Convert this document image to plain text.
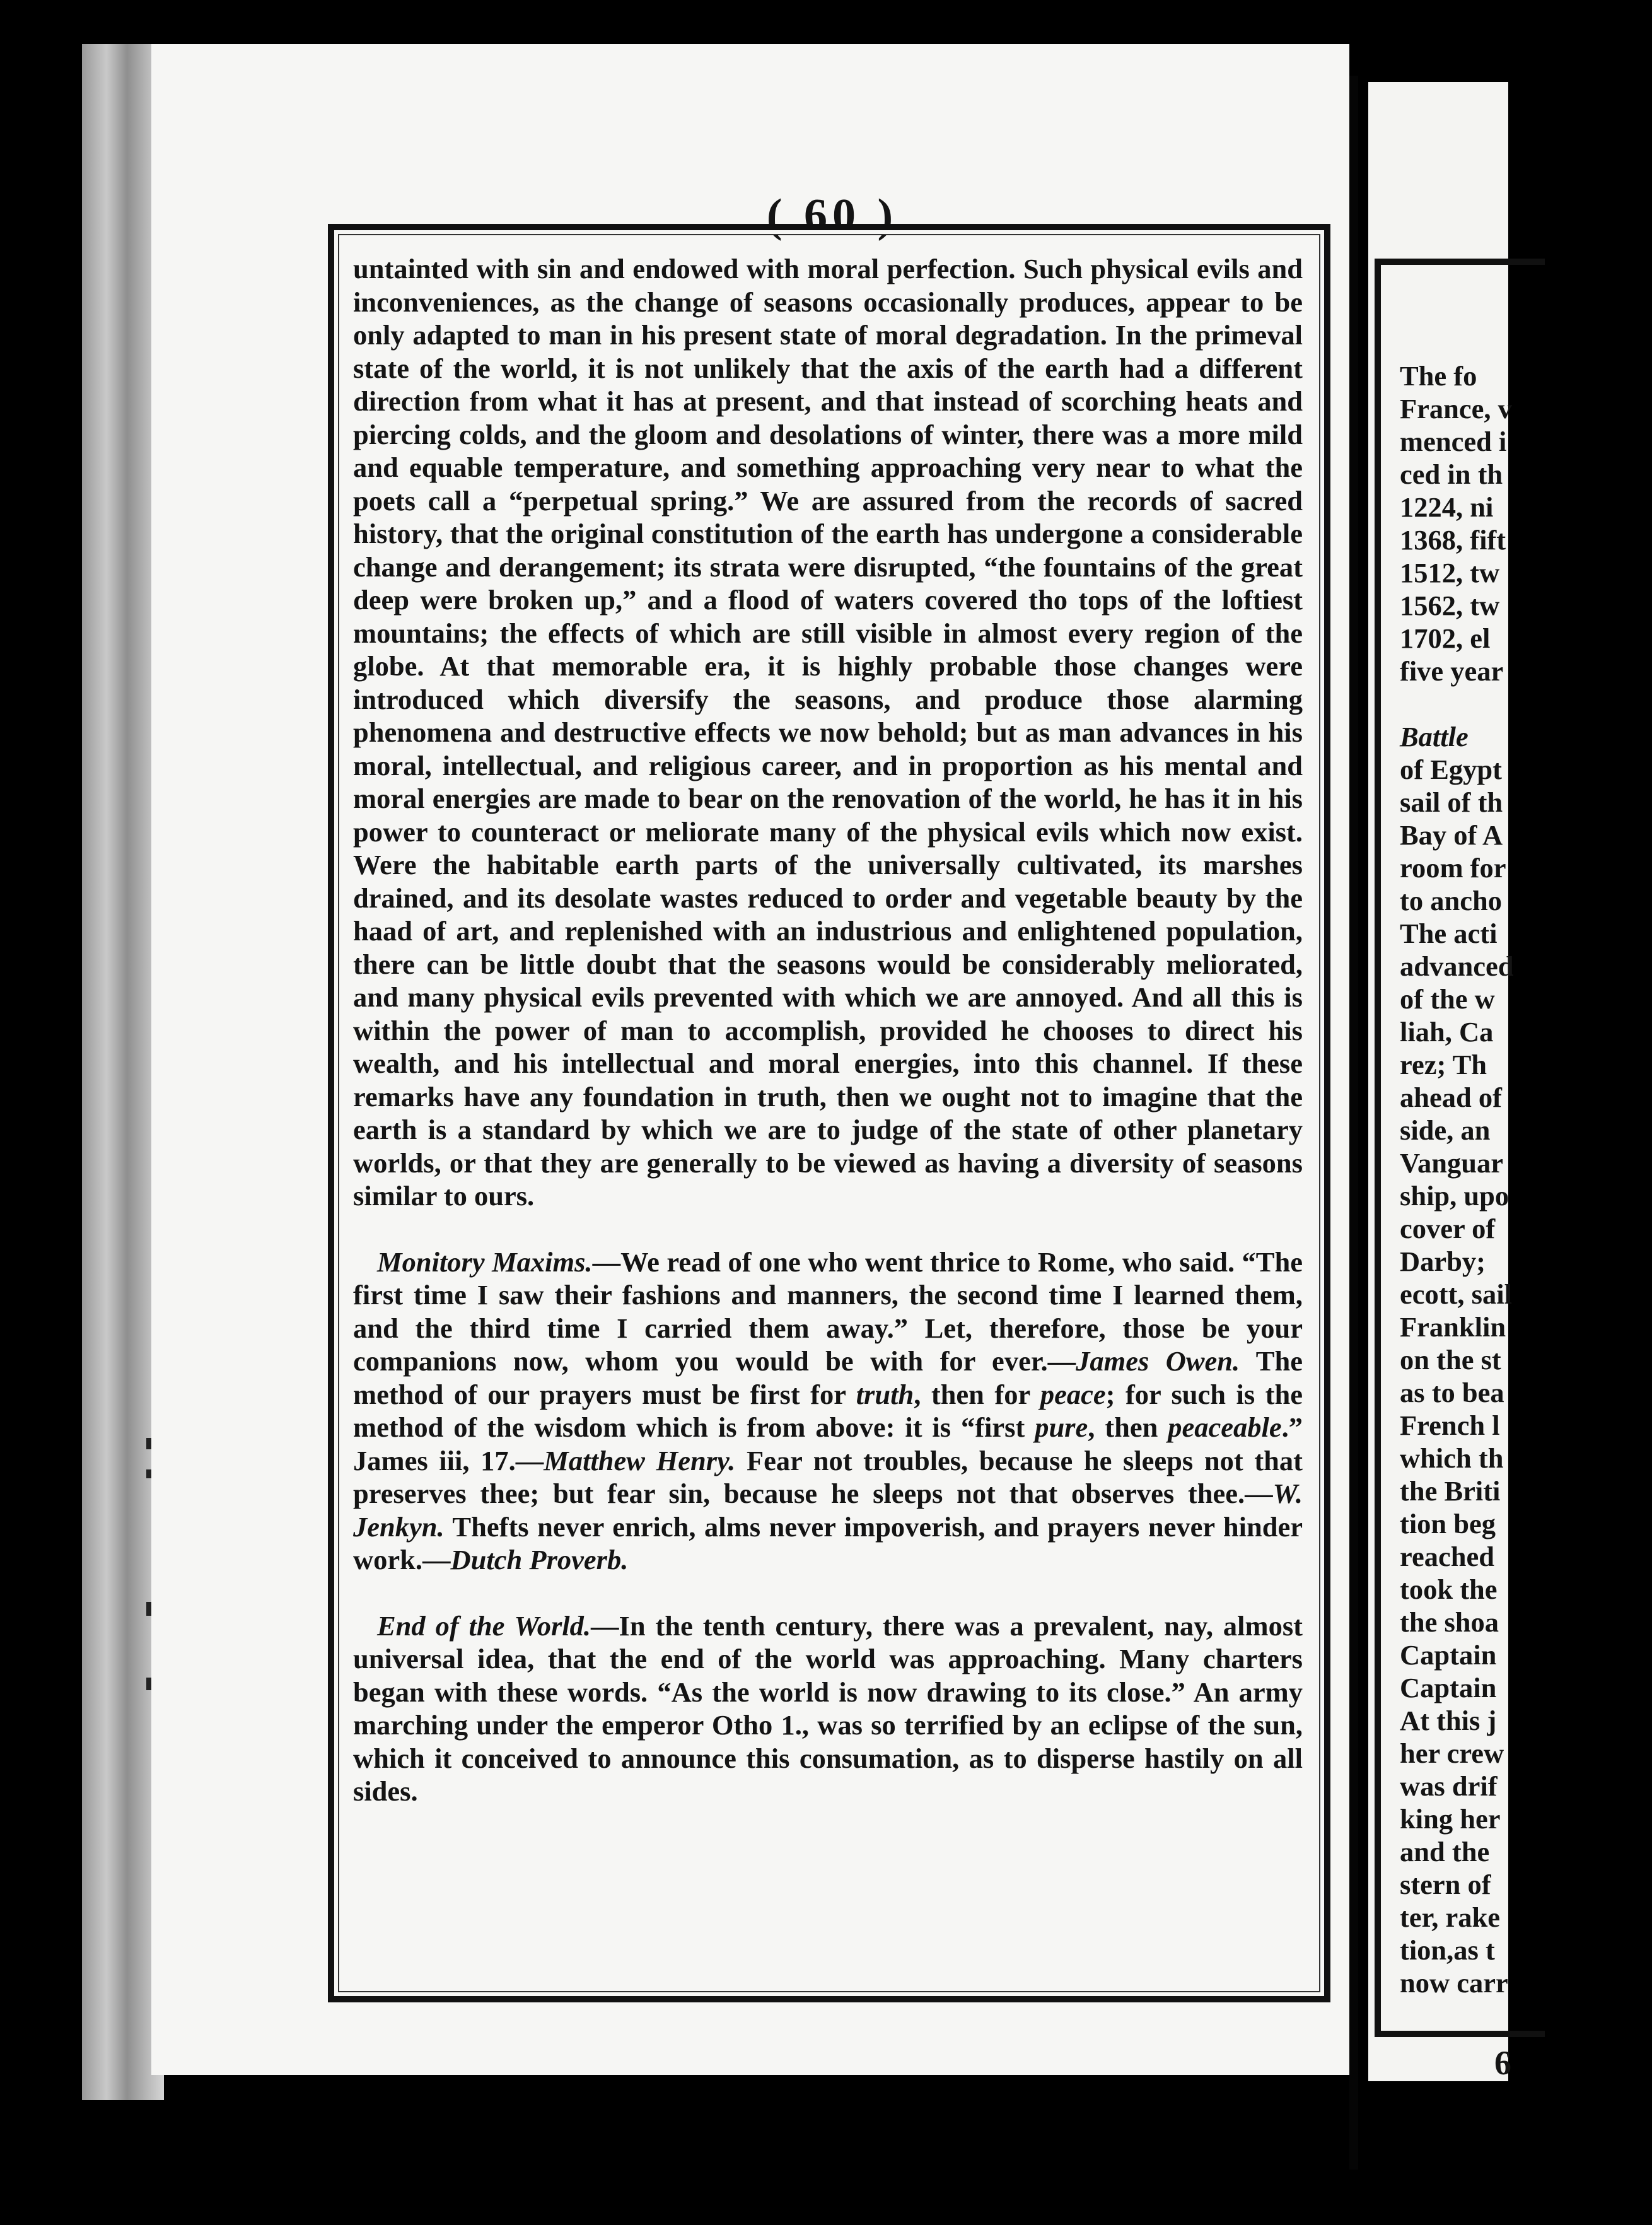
( 60 )

untainted with sin and endowed with moral perfection. Such physical evils and inconveniences, as the change of seasons occasionally produces, appear to be only adapted to man in his present state of moral degradation. In the primeval state of the world, it is not unlikely that the axis of the earth had a different direction from what it has at present, and that instead of scorching heats and piercing colds, and the gloom and desolations of winter, there was a more mild and equable temperature, and something approaching very near to what the poets call a “perpetual spring.” We are assured from the records of sacred history, that the original constitution of the earth has undergone a considerable change and derangement; its strata were disrupted, “the fountains of the great deep were broken up,” and a flood of waters covered tho tops of the loftiest mountains; the effects of which are still visible in almost every region of the globe. At that memorable era, it is highly probable those changes were introduced which diversify the seasons, and produce those alarming phenomena and destructive effects we now behold; but as man advances in his moral, intellectual, and religious career, and in proportion as his mental and moral energies are made to bear on the renovation of the world, he has it in his power to counteract or meliorate many of the physical evils which now exist. Were the habitable earth parts of the universally cultivated, its marshes drained, and its desolate wastes reduced to order and vegetable beauty by the haad of art, and replenished with an industrious and enlightened population, there can be little doubt that the seasons would be considerably meliorated, and many physical evils prevented with which we are annoyed. And all this is within the power of man to accomplish, provided he chooses to direct his wealth, and his intellectual and moral energies, into this channel. If these remarks have any foundation in truth, then we ought not to imagine that the earth is a standard by which we are to judge of the state of other planetary worlds, or that they are generally to be viewed as having a diversity of seasons similar to ours.

Monitory Maxims.—We read of one who went thrice to Rome, who said. “The first time I saw their fashions and manners, the second time I learned them, and the third time I carried them away.” Let, therefore, those be your companions now, whom you would be with for ever.—James Owen. The method of our prayers must be first for truth, then for peace; for such is the method of the wisdom which is from above: it is “first pure, then peaceable.” James iii, 17.—Matthew Henry. Fear not troubles, because he sleeps not that preserves thee; but fear sin, because he sleeps not that observes thee.—W. Jenkyn. Thefts never enrich, alms never impoverish, and prayers never hinder work.—Dutch Proverb.

End of the World.—In the tenth century, there was a prevalent, nay, almost universal idea, that the end of the world was approaching. Many charters began with these words. “As the world is now drawing to its close.” An army marching under the emperor Otho 1., was so terrified by an eclipse of the sun, which it conceived to announce this consumation, as to disperse hastily on all sides.

The fo
France, v
menced i
ced in th
1224, ni
1368, fift
1512, tw
1562, tw
1702, el
five year
Battle
of Egypt
sail of th
Bay of A
room for
to ancho
The acti
advanced
of the w
liah, Ca
rez; Th
ahead of
side, an
Vanguar
ship, upo
cover of
Darby;
ecott, sail
Franklin
on the st
as to bea
French l
which th
the Briti
tion beg
reached
took the
the shoa
Captain
Captain
At this j
her crew
was drif
king her
and the
stern of
ter, rake
tion,as t
now carr
6
